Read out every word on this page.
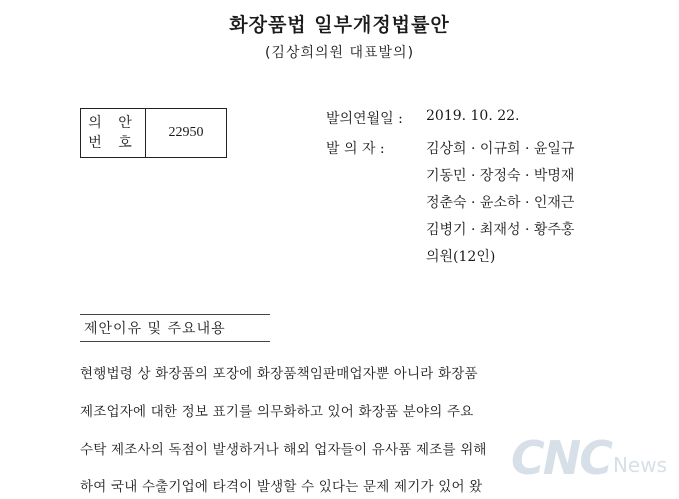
화장품법 일부개정법률안
(김상희의원 대표발의)
의 안
번 호
22950
발의연월일 : 2019. 10. 22.
발 의 자 :	김상희 · 이규희 · 윤일규
기동민 · 장정숙 · 박명재
정춘숙 · 윤소하 · 인재근
김병기 · 최재성 · 황주홍
의원(12인)
제안이유 및 주요내용
현행법령 상 화장품의 포장에 화장품책임판매업자뿐 아니라 화장품
제조업자에 대한 정보 표기를 의무화하고 있어 화장품 분야의 주요
수탁 제조사의 독점이 발생하거나 해외 업자들이 유사품 제조를 위해
하여 국내 수출기업에 타격이 발생할 수 있다는 문제 제기가 있어 왔
CNC News
